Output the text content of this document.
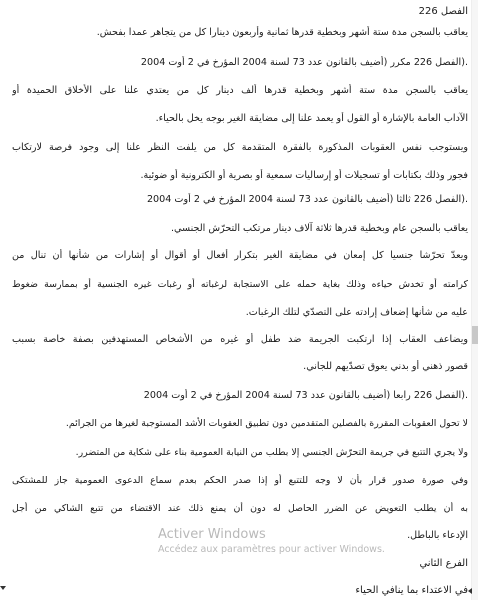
الفصل 226
يعاقب بالسجن مدة ستة أشهر وبخطية قدرها ثمانية وأربعون دينارا كل من يتجاهر عمدا بفحش.
.(الفصل 226 مكرر (أضيف بالقانون عدد 73 لسنة 2004 المؤرخ في 2 أوت 2004
يعاقب بالسجن مدة ستة أشهر وبخطية قدرها ألف دينار كل من يعتدي علنا على الأخلاق الحميدة أو
الآداب العامة بالإشارة أو القول أو يعمد علنا إلى مضايقة الغير بوجه يخل بالحياء.
ويستوجب نفس العقوبات المذكورة بالفقرة المتقدمة كل من يلفت النظر علنا إلى وجود فرصة لارتكاب
فجور وذلك بكتابات أو تسجيلات أو إرساليات سمعية أو بصرية أو الكترونية أو ضوئية.
.(الفصل 226 ثالثا (أضيف بالقانون عدد 73 لسنة 2004 المؤرخ في 2 أوت 2004
يعاقب بالسجن عام وبخطية قدرها ثلاثة آلاف دينار مرتكب التحرّش الجنسي.
ويعدّ تحرّشا جنسيا كل إمعان في مضايقة الغير بتكرار أفعال أو أقوال أو إشارات من شأنها أن تنال من
كرامته أو تخدش حياءه وذلك بغاية حمله على الاستجابة لرغباته أو رغبات غيره الجنسية أو بممارسة ضغوط
عليه من شأنها إضعاف إرادته على التصدّي لتلك الرغبات.
ويضاعف العقاب إذا ارتكبت الجريمة ضد طفل أو غيره من الأشخاص المستهدفين بصفة خاصة بسبب
قصور ذهني أو بدني يعوق تصدّيهم للجاني.
.(الفصل 226 رابعا (أضيف بالقانون عدد 73 لسنة 2004 المؤرخ في 2 أوت 2004
لا تحول العقوبات المقررة بالفصلين المتقدمين دون تطبيق العقوبات الأشد المستوجبة لغيرها من الجرائم.
ولا يجري التتبع في جريمة التحرّش الجنسي إلا بطلب من النيابة العمومية بناء على شكاية من المتضرر.
وفي صورة صدور قرار بأن لا وجه للتتبع أو إذا صدر الحكم بعدم سماع الدعوى العمومية جاز للمشتكى
به أن يطلب التعويض عن الضرر الحاصل له دون أن يمنع ذلك عند الاقتضاء من تتبع الشاكي من أجل
الإدعاء بالباطل.
الفرع الثاني
في الاعتداء بما ينافي الحياء
Activer Windows
Accédez aux paramètres pour activer Windows.
